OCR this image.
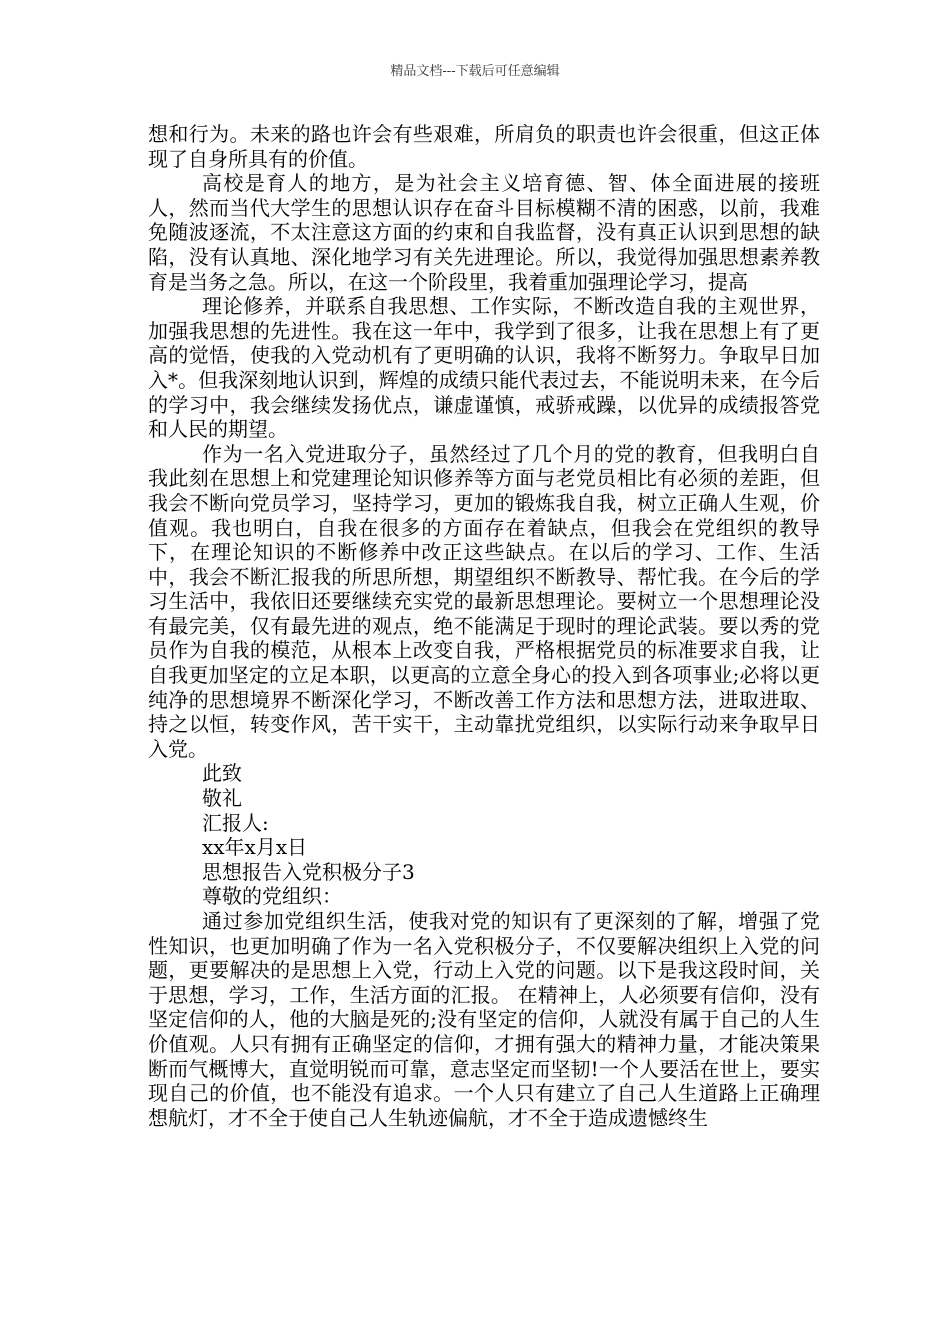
精品文档---下载后可任意编辑

想和行为。未来的路也许会有些艰难，所肩负的职责也许会很重，但这正体现了自身所具有的价值。

高校是育人的地方，是为社会主义培育德、智、体全面进展的接班人，然而当代大学生的思想认识存在奋斗目标模糊不清的困惑，以前，我难免随波逐流，不太注意这方面的约束和自我监督，没有真正认识到思想的缺陷，没有认真地、深化地学习有关先进理论。所以，我觉得加强思想素养教育是当务之急。所以，在这一个阶段里，我着重加强理论学习，提高

理论修养，并联系自我思想、工作实际，不断改造自我的主观世界，加强我思想的先进性。我在这一年中，我学到了很多，让我在思想上有了更高的觉悟，使我的入党动机有了更明确的认识，我将不断努力。争取早日加入*。但我深刻地认识到，辉煌的成绩只能代表过去，不能说明未来，在今后的学习中，我会继续发扬优点，谦虚谨慎，戒骄戒躁，以优异的成绩报答党和人民的期望。

作为一名入党进取分子，虽然经过了几个月的党的教育，但我明白自我此刻在思想上和党建理论知识修养等方面与老党员相比有必须的差距，但我会不断向党员学习，坚持学习，更加的锻炼我自我，树立正确人生观，价值观。我也明白，自我在很多的方面存在着缺点，但我会在党组织的教导下，在理论知识的不断修养中改正这些缺点。在以后的学习、工作、生活中，我会不断汇报我的所思所想，期望组织不断教导、帮忙我。在今后的学习生活中，我依旧还要继续充实党的最新思想理论。要树立一个思想理论没有最完美，仅有最先进的观点，绝不能满足于现时的理论武装。要以秀的党员作为自我的模范，从根本上改变自我，严格根据党员的标准要求自我，让自我更加坚定的立足本职，以更高的立意全身心的投入到各项事业;必将以更纯净的思想境界不断深化学习，不断改善工作方法和思想方法，进取进取、持之以恒，转变作风，苦干实干，主动靠扰党组织，以实际行动来争取早日入党。

此致

敬礼

汇报人:

xx年x月x日

思想报告入党积极分子3

尊敬的党组织：

通过参加党组织生活，使我对党的知识有了更深刻的了解，增强了党性知识，也更加明确了作为一名入党积极分子，不仅要解决组织上入党的问题，更要解决的是思想上入党，行动上入党的问题。以下是我这段时间，关于思想，学习，工作，生活方面的汇报。 在精神上，人必须要有信仰，没有坚定信仰的人，他的大脑是死的;没有坚定的信仰，人就没有属于自己的人生价值观。人只有拥有正确坚定的信仰，才拥有强大的精神力量，才能决策果断而气概博大，直觉明锐而可靠，意志坚定而坚韧!一个人要活在世上，要实现自己的价值，也不能没有追求。一个人只有建立了自己人生道路上正确理想航灯，才不全于使自己人生轨迹偏航，才不全于造成遗憾终生
